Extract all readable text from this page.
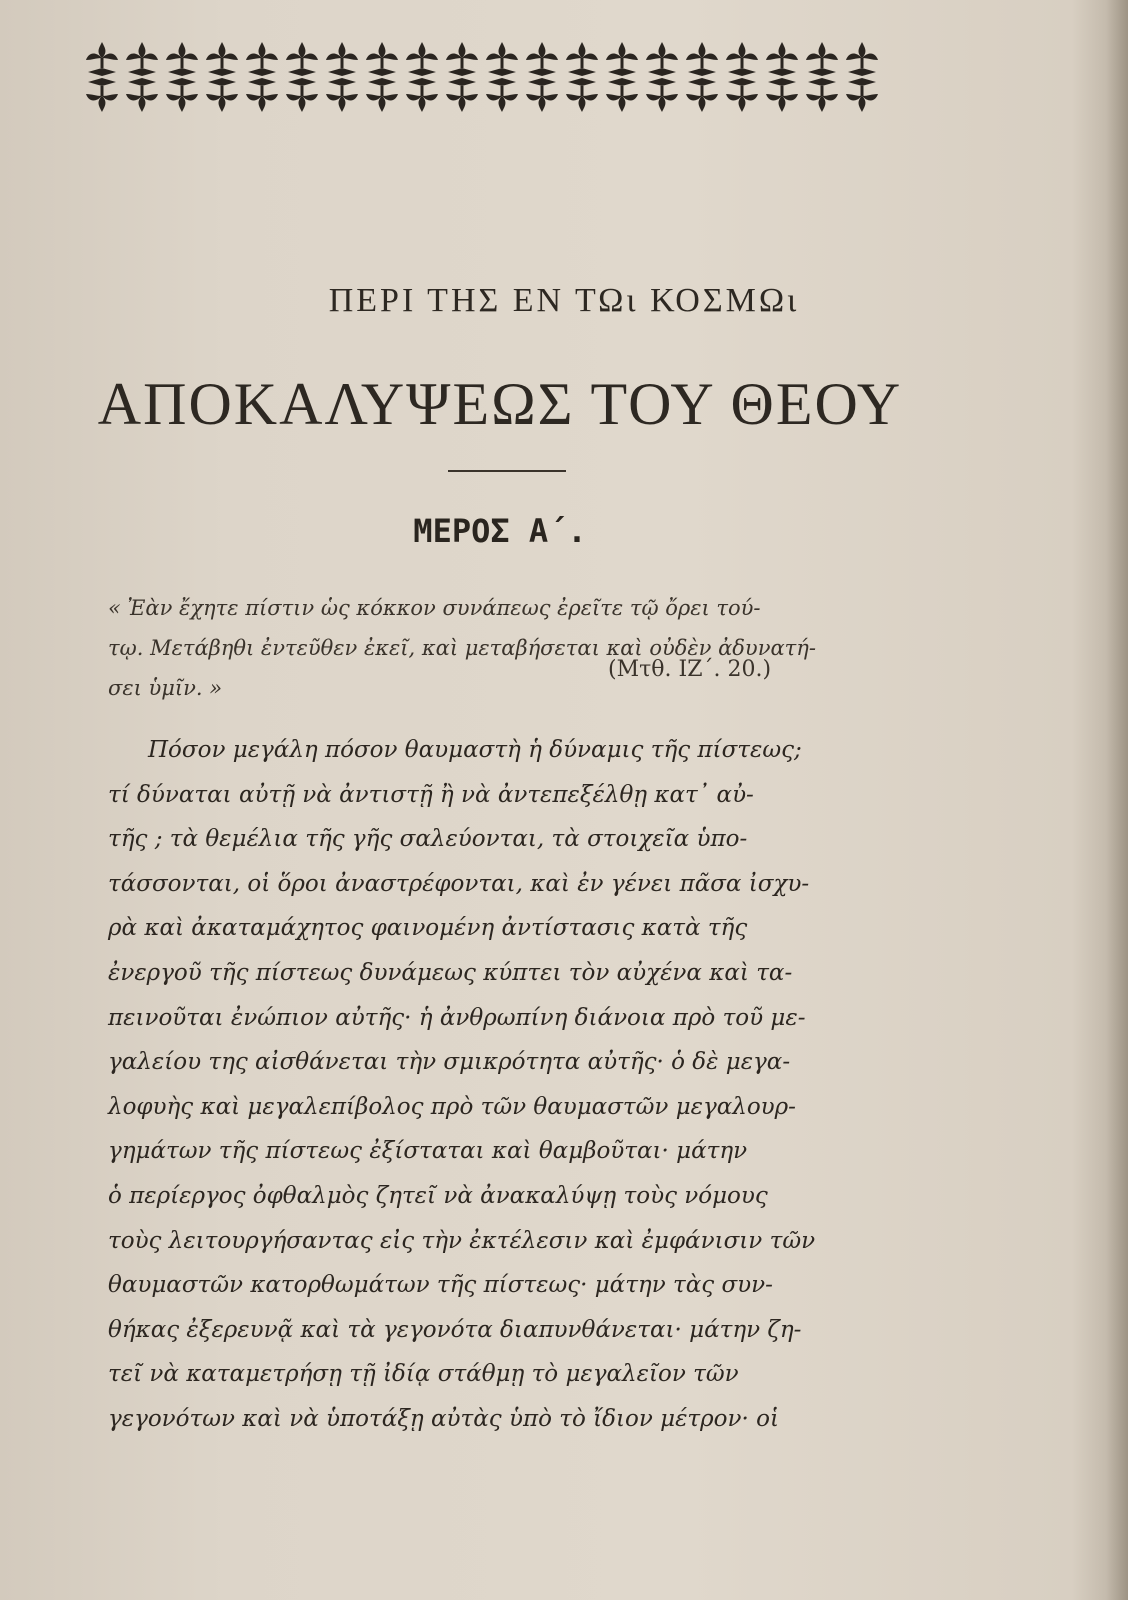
ΠΕΡΙ ΤΗΣ ΕΝ ΤΩι ΚΟΣΜΩι
ΑΠΟΚΑΛΥΨΕΩΣ ΤΟΥ ΘΕΟΥ
ΜΕΡΟΣ Α΄.
« Ἐὰν ἔχητε πίστιν ὡς κόκκον συνάπεως ἐρεῖτε τῷ ὄρει τού-
τῳ. Μετάβηθι ἐντεῦθεν ἐκεῖ, καὶ μεταβήσεται καὶ οὐδὲν ἀδυνατή-
σει ὑμῖν. »
(Μτθ. ΙΖ΄. 20.)
Πόσον μεγάλη πόσον θαυμαστὴ ἡ δύναμις τῆς πίστεως;
τί δύναται αὐτῇ νὰ ἀντιστῇ ἢ νὰ ἀντεπεξέλθῃ κατ᾽ αὐ-
τῆς ; τὰ θεμέλια τῆς γῆς σαλεύονται, τὰ στοιχεῖα ὑπο-
τάσσονται, οἱ ὅροι ἀναστρέφονται, καὶ ἐν γένει πᾶσα ἰσχυ-
ρὰ καὶ ἀκαταμάχητος φαινομένη ἀντίστασις κατὰ τῆς
ἐνεργοῦ τῆς πίστεως δυνάμεως κύπτει τὸν αὐχένα καὶ τα-
πεινοῦται ἐνώπιον αὐτῆς· ἡ ἀνθρωπίνη διάνοια πρὸ τοῦ με-
γαλείου της αἰσθάνεται τὴν σμικρότητα αὐτῆς· ὁ δὲ μεγα-
λοφυὴς καὶ μεγαλεπίβολος πρὸ τῶν θαυμαστῶν μεγαλουρ-
γημάτων τῆς πίστεως ἐξίσταται καὶ θαμβοῦται· μάτην
ὁ περίεργος ὀφθαλμὸς ζητεῖ νὰ ἀνακαλύψῃ τοὺς νόμους
τοὺς λειτουργήσαντας εἰς τὴν ἐκτέλεσιν καὶ ἐμφάνισιν τῶν
θαυμαστῶν κατορθωμάτων τῆς πίστεως· μάτην τὰς συν-
θήκας ἐξερευνᾷ καὶ τὰ γεγονότα διαπυνθάνεται· μάτην ζη-
τεῖ νὰ καταμετρήσῃ τῇ ἰδίᾳ στάθμῃ τὸ μεγαλεῖον τῶν
γεγονότων καὶ νὰ ὑποτάξῃ αὐτὰς ὑπὸ τὸ ἴδιον μέτρον· οἱ
